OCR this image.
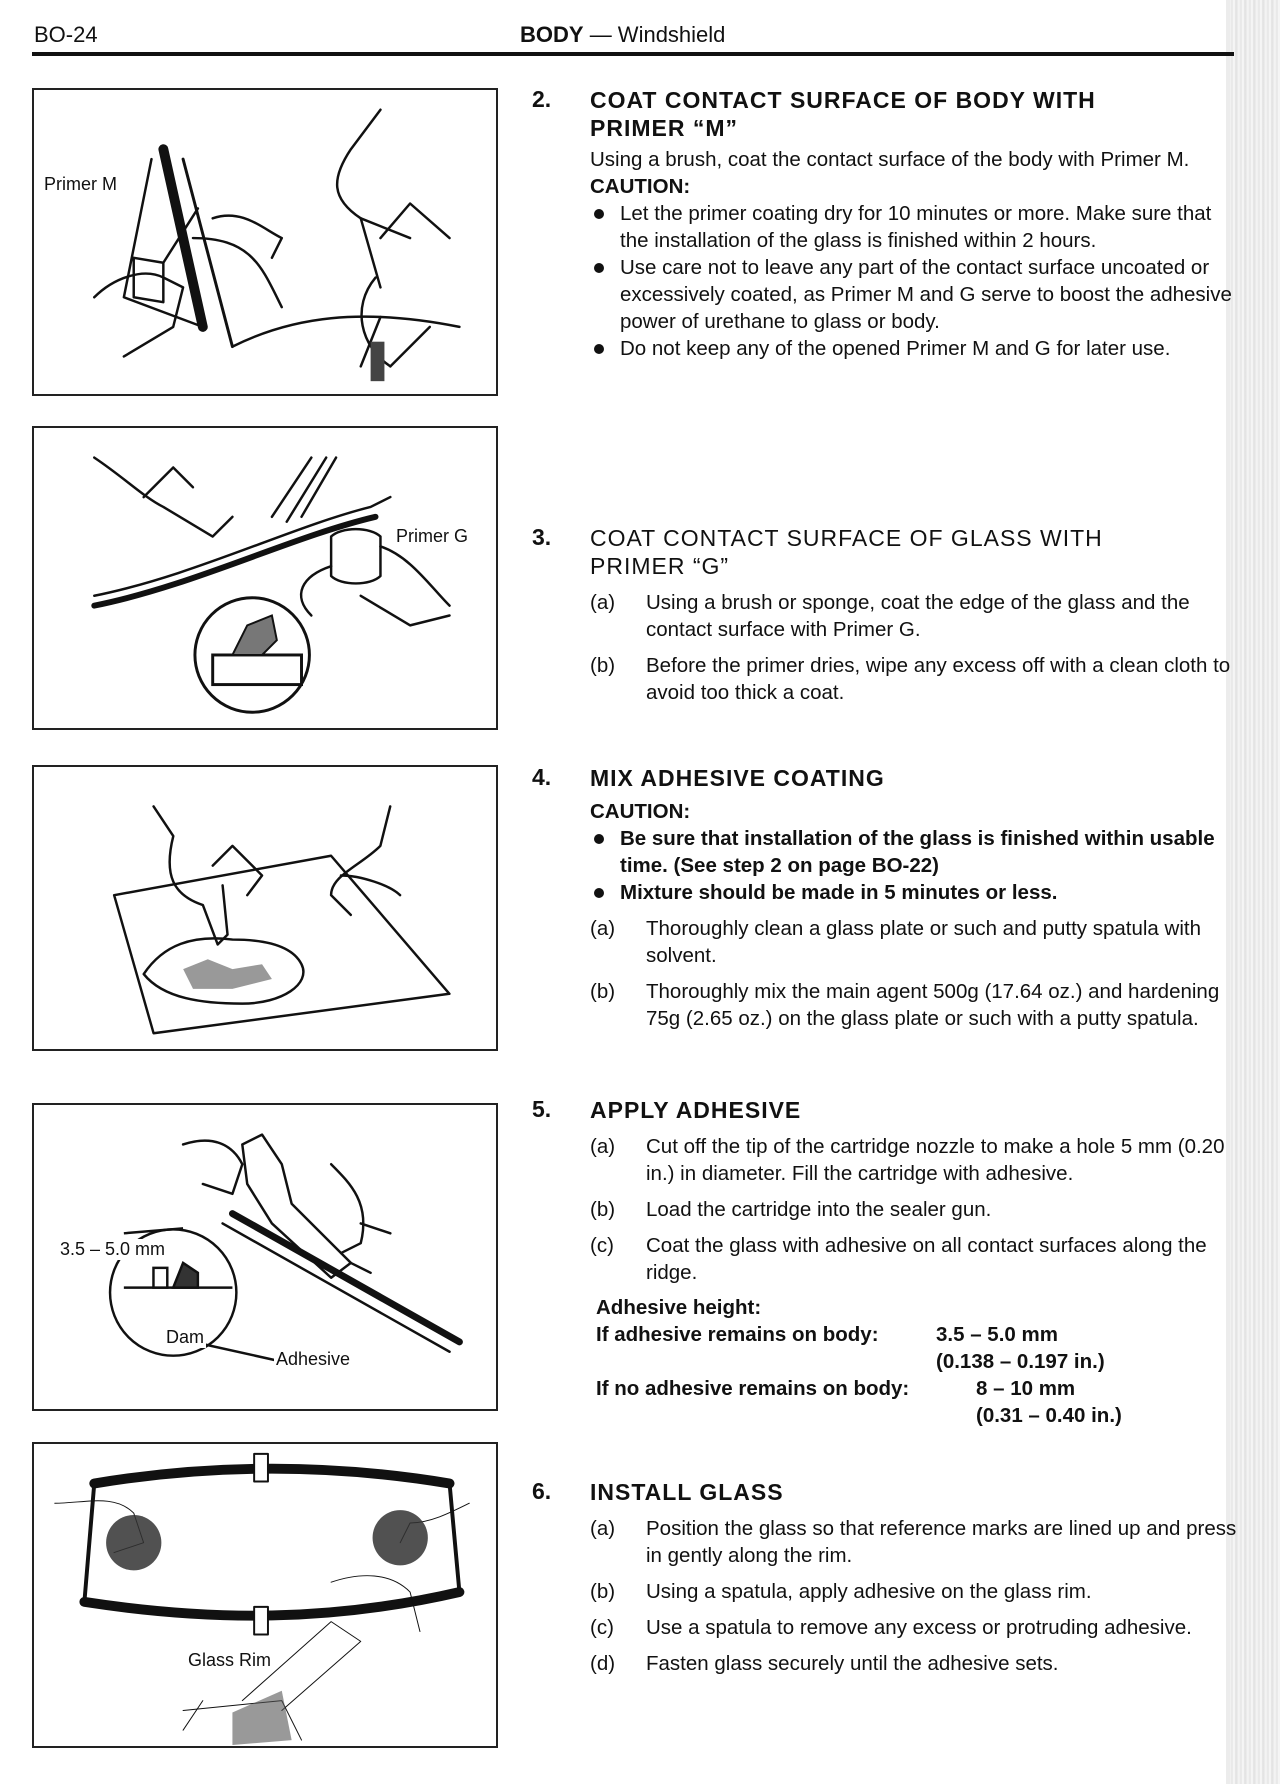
BO-24	BODY — Windshield
Primer M
Primer G
3.5 – 5.0 mm
Dam
Adhesive
Glass Rim
2. COAT CONTACT SURFACE OF BODY WITH
PRIMER “M”
Using a brush, coat the contact surface of the body with Primer M.
CAUTION:
Let the primer coating dry for 10 minutes or more. Make sure that the installation of the glass is finished within 2 hours.
Use care not to leave any part of the contact surface uncoated or excessively coated, as Primer M and G serve to boost the adhesive power of urethane to glass or body.
Do not keep any of the opened Primer M and G for later use.
3. COAT CONTACT SURFACE OF GLASS WITH
PRIMER “G”
(a) Using a brush or sponge, coat the edge of the glass and the contact surface with Primer G.
(b) Before the primer dries, wipe any excess off with a clean cloth to avoid too thick a coat.
4. MIX ADHESIVE COATING
CAUTION:
Be sure that installation of the glass is finished within usable time. (See step 2 on page BO-22)
Mixture should be made in 5 minutes or less.
(a) Thoroughly clean a glass plate or such and putty spatula with solvent.
(b) Thoroughly mix the main agent 500g (17.64 oz.) and hardening 75g (2.65 oz.) on the glass plate or such with a putty spatula.
5. APPLY ADHESIVE
(a) Cut off the tip of the cartridge nozzle to make a hole 5 mm (0.20 in.) in diameter. Fill the cartridge with adhesive.
(b) Load the cartridge into the sealer gun.
(c) Coat the glass with adhesive on all contact surfaces along the ridge.
Adhesive height:
If adhesive remains on body:	3.5 – 5.0 mm
(0.138 – 0.197 in.)
If no adhesive remains on body:	8 – 10 mm
(0.31 – 0.40 in.)
6. INSTALL GLASS
(a) Position the glass so that reference marks are lined up and press in gently along the rim.
(b) Using a spatula, apply adhesive on the glass rim.
(c) Use a spatula to remove any excess or protruding adhesive.
(d) Fasten glass securely until the adhesive sets.
